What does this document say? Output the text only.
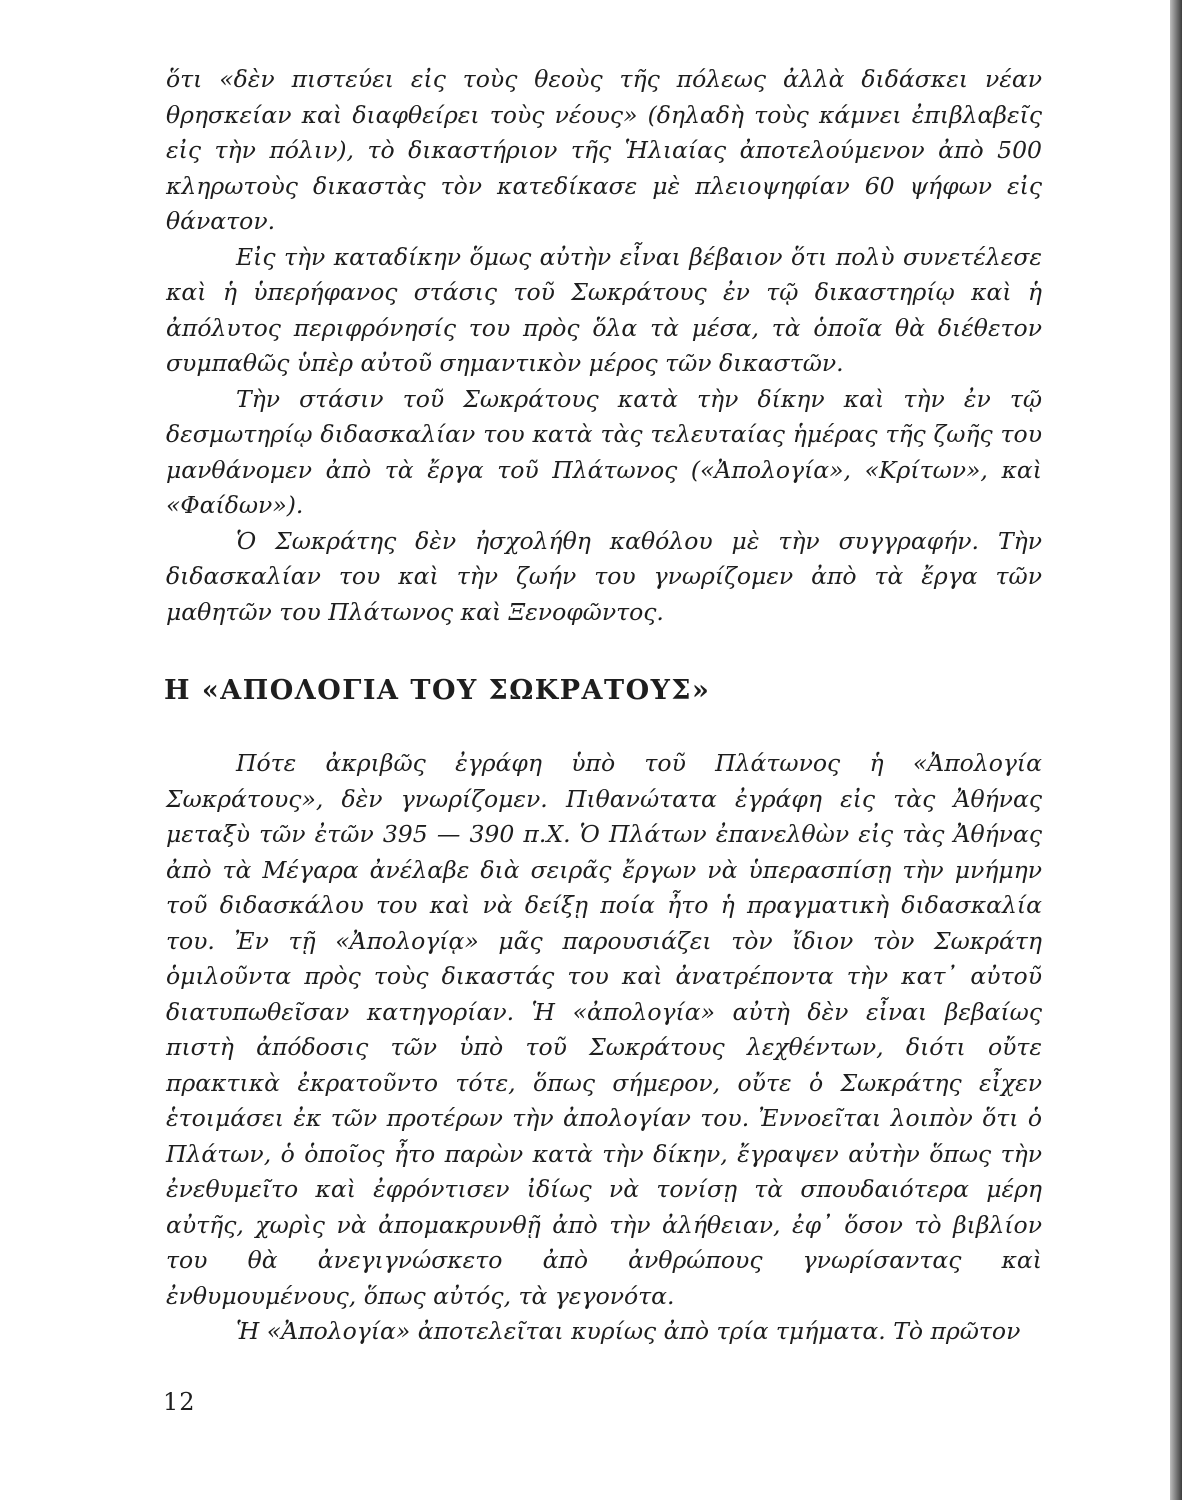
ὅτι «δὲν πιστεύει εἰς τοὺς θεοὺς τῆς πόλεως ἀλλὰ διδάσκει νέαν θρησκείαν καὶ διαφθείρει τοὺς νέους» (δηλαδὴ τοὺς κάμνει ἐπιβλαβεῖς εἰς τὴν πόλιν), τὸ δικαστήριον τῆς Ἡλιαίας ἀποτελούμενον ἀπὸ 500 κληρωτοὺς δικαστὰς τὸν κατεδίκασε μὲ πλειοψηφίαν 60 ψήφων εἰς θάνατον.

Εἰς τὴν καταδίκην ὅμως αὐτὴν εἶναι βέβαιον ὅτι πολὺ συνετέλεσε καὶ ἡ ὑπερήφανος στάσις τοῦ Σωκράτους ἐν τῷ δικαστηρίῳ καὶ ἡ ἀπόλυτος περιφρόνησίς του πρὸς ὅλα τὰ μέσα, τὰ ὁποῖα θὰ διέθετον συμπαθῶς ὑπὲρ αὐτοῦ σημαντικὸν μέρος τῶν δικαστῶν.

Τὴν στάσιν τοῦ Σωκράτους κατὰ τὴν δίκην καὶ τὴν ἐν τῷ δεσμωτηρίῳ διδασκαλίαν του κατὰ τὰς τελευταίας ἡμέρας τῆς ζωῆς του μανθάνομεν ἀπὸ τὰ ἔργα τοῦ Πλάτωνος («Ἀπολογία», «Κρίτων», καὶ «Φαίδων»).

Ὁ Σωκράτης δὲν ἠσχολήθη καθόλου μὲ τὴν συγγραφήν. Τὴν διδασκαλίαν του καὶ τὴν ζωήν του γνωρίζομεν ἀπὸ τὰ ἔργα τῶν μαθητῶν του Πλάτωνος καὶ Ξενοφῶντος.

Η «ΑΠΟΛΟΓΙΑ ΤΟΥ ΣΩΚΡΑΤΟΥΣ»

Πότε ἀκριβῶς ἐγράφη ὑπὸ τοῦ Πλάτωνος ἡ «Ἀπολογία Σωκράτους», δὲν γνωρίζομεν. Πιθανώτατα ἐγράφη εἰς τὰς Ἀθήνας μεταξὺ τῶν ἐτῶν 395 — 390 π.Χ. Ὁ Πλάτων ἐπανελθὼν εἰς τὰς Ἀθήνας ἀπὸ τὰ Μέγαρα ἀνέλαβε διὰ σειρᾶς ἔργων νὰ ὑπερασπίσῃ τὴν μνήμην τοῦ διδασκάλου του καὶ νὰ δείξῃ ποία ἦτο ἡ πραγματικὴ διδασκαλία του. Ἐν τῇ «Ἀπολογίᾳ» μᾶς παρουσιάζει τὸν ἴδιον τὸν Σωκράτη ὁμιλοῦντα πρὸς τοὺς δικαστάς του καὶ ἀνατρέποντα τὴν κατ᾽ αὐτοῦ διατυπωθεῖσαν κατηγορίαν. Ἡ «ἀπολογία» αὐτὴ δὲν εἶναι βεβαίως πιστὴ ἀπόδοσις τῶν ὑπὸ τοῦ Σωκράτους λεχθέντων, διότι οὔτε πρακτικὰ ἐκρατοῦντο τότε, ὅπως σήμερον, οὔτε ὁ Σωκράτης εἶχεν ἑτοιμάσει ἐκ τῶν προτέρων τὴν ἀπολογίαν του. Ἐννοεῖται λοιπὸν ὅτι ὁ Πλάτων, ὁ ὁποῖος ἦτο παρὼν κατὰ τὴν δίκην, ἔγραψεν αὐτὴν ὅπως τὴν ἐνεθυμεῖτο καὶ ἐφρόντισεν ἰδίως νὰ τονίσῃ τὰ σπουδαιότερα μέρη αὐτῆς, χωρὶς νὰ ἀπομακρυνθῇ ἀπὸ τὴν ἀλήθειαν, ἐφ᾽ ὅσον τὸ βιβλίον του θὰ ἀνεγιγνώσκετο ἀπὸ ἀνθρώπους γνωρίσαντας καὶ ἐνθυμουμένους, ὅπως αὐτός, τὰ γεγονότα.

Ἡ «Ἀπολογία» ἀποτελεῖται κυρίως ἀπὸ τρία τμήματα. Τὸ πρῶτον

12
